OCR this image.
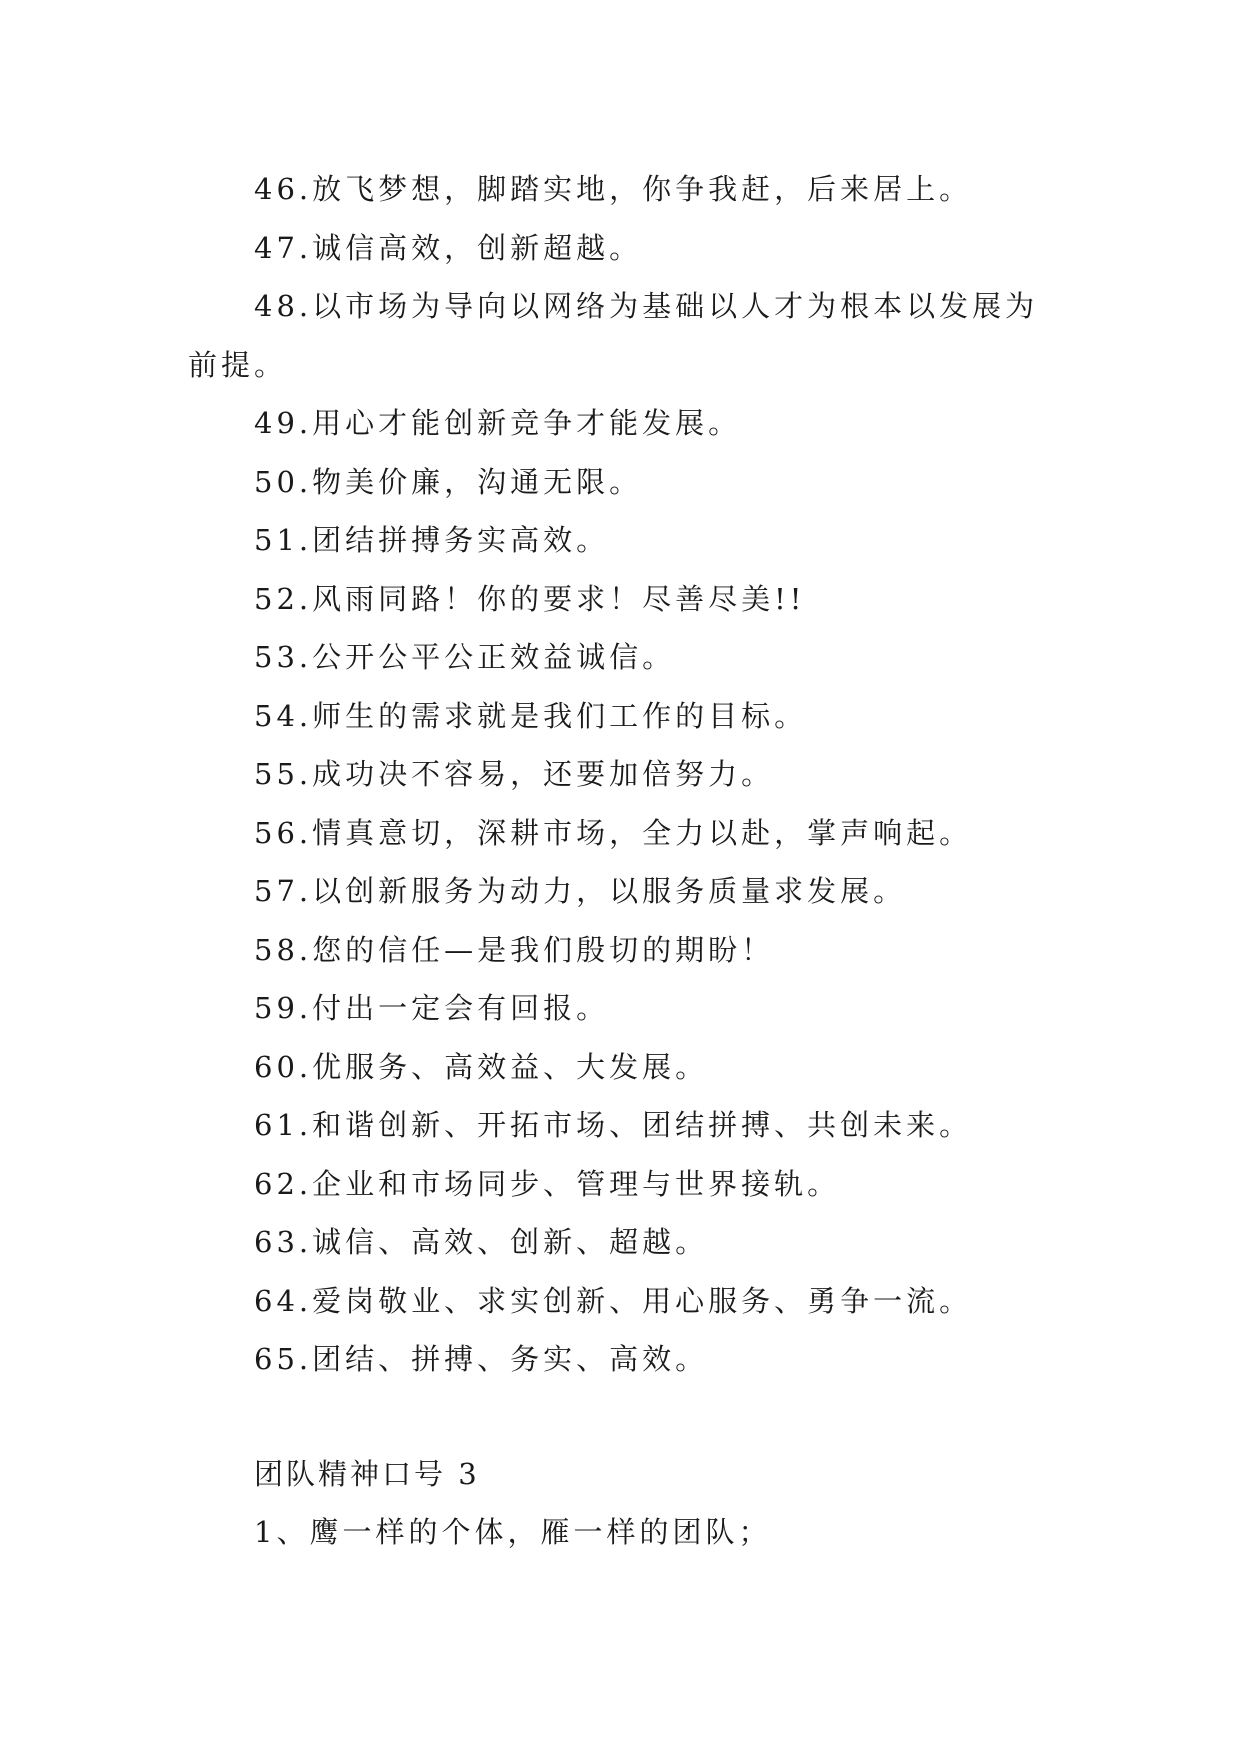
46.放飞梦想，脚踏实地，你争我赶，后来居上。
47.诚信高效，创新超越。
48.以市场为导向以网络为基础以人才为根本以发展为前提。
49.用心才能创新竞争才能发展。
50.物美价廉，沟通无限。
51.团结拼搏务实高效。
52.风雨同路！你的要求！尽善尽美!!
53.公开公平公正效益诚信。
54.师生的需求就是我们工作的目标。
55.成功决不容易，还要加倍努力。
56.情真意切，深耕市场，全力以赴，掌声响起。
57.以创新服务为动力，以服务质量求发展。
58.您的信任—是我们殷切的期盼！
59.付出一定会有回报。
60.优服务、高效益、大发展。
61.和谐创新、开拓市场、团结拼搏、共创未来。
62.企业和市场同步、管理与世界接轨。
63.诚信、高效、创新、超越。
64.爱岗敬业、求实创新、用心服务、勇争一流。
65.团结、拼搏、务实、高效。
团队精神口号 3
1、鹰一样的个体，雁一样的团队；
